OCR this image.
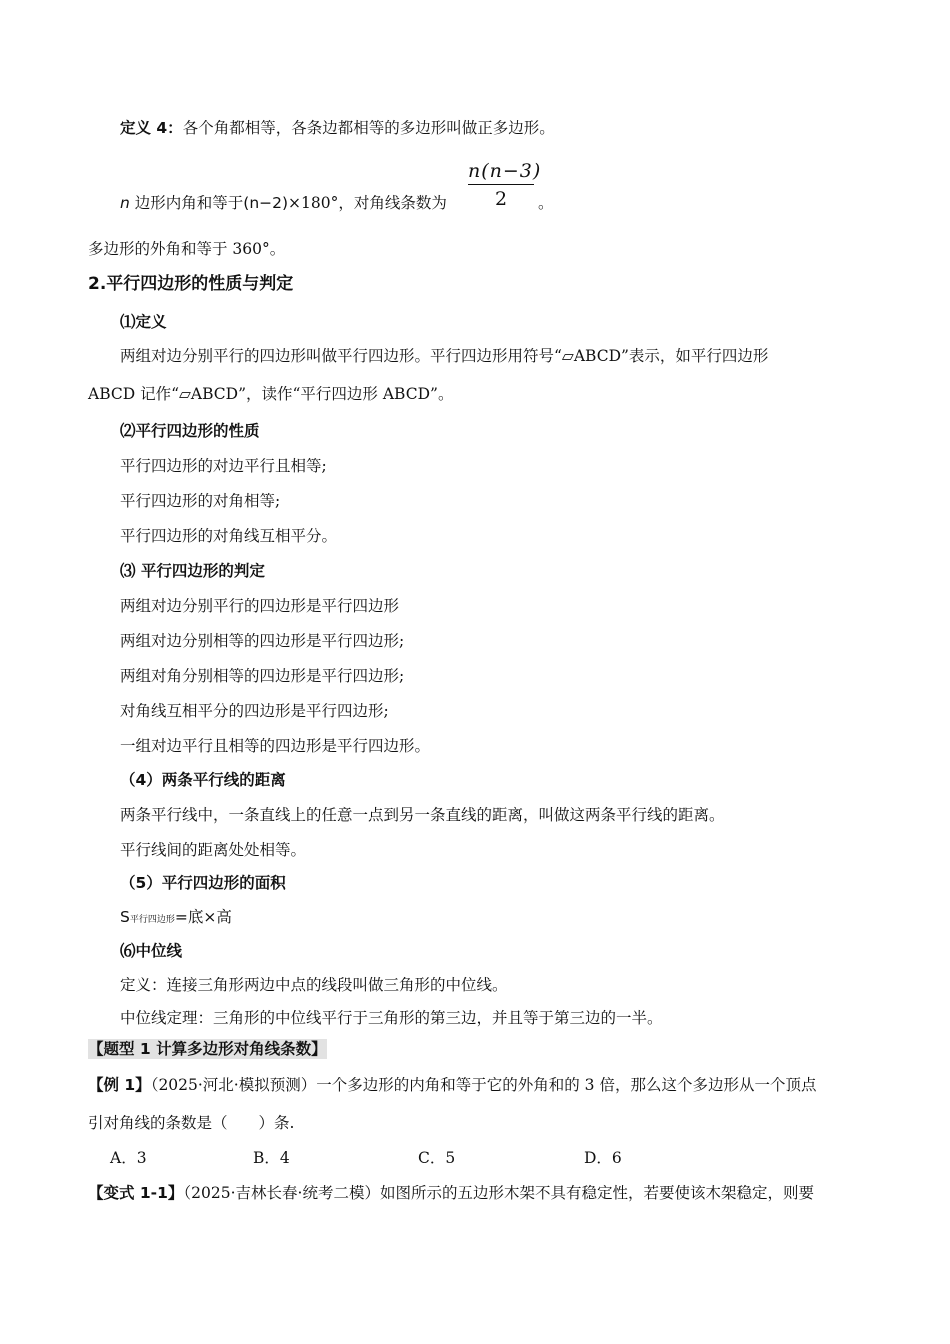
定义 4：各个角都相等，各条边都相等的多边形叫做正多边形。
n 边形内角和等于(n−2)×180°，对角线条数为
n(n−3)
2	。
多边形的外角和等于 360°。
2.平行四边形的性质与判定
⑴定义
两组对边分别平行的四边形叫做平行四边形。平行四边形用符号“▱ABCD”表示，如平行四边形
ABCD 记作“▱ABCD”，读作“平行四边形 ABCD”。
⑵平行四边形的性质
平行四边形的对边平行且相等;
平行四边形的对角相等;
平行四边形的对角线互相平分。
⑶ 平行四边形的判定
两组对边分别平行的四边形是平行四边形
两组对边分别相等的四边形是平行四边形;
两组对角分别相等的四边形是平行四边形;
对角线互相平分的四边形是平行四边形;
一组对边平行且相等的四边形是平行四边形。
（4）两条平行线的距离
两条平行线中，一条直线上的任意一点到另一条直线的距离，叫做这两条平行线的距离。
平行线间的距离处处相等。
（5）平行四边形的面积
S平行四边形=底×高
⑹中位线
定义：连接三角形两边中点的线段叫做三角形的中位线。
中位线定理：三角形的中位线平行于三角形的第三边，并且等于第三边的一半。
【题型 1 计算多边形对角线条数】
【例 1】（2025·河北·模拟预测）一个多边形的内角和等于它的外角和的 3 倍，那么这个多边形从一个顶点
引对角线的条数是（　　）条.
A．3	B．4	C．5	D．6
【变式 1-1】（2025·吉林长春·统考二模）如图所示的五边形木架不具有稳定性，若要使该木架稳定，则要
